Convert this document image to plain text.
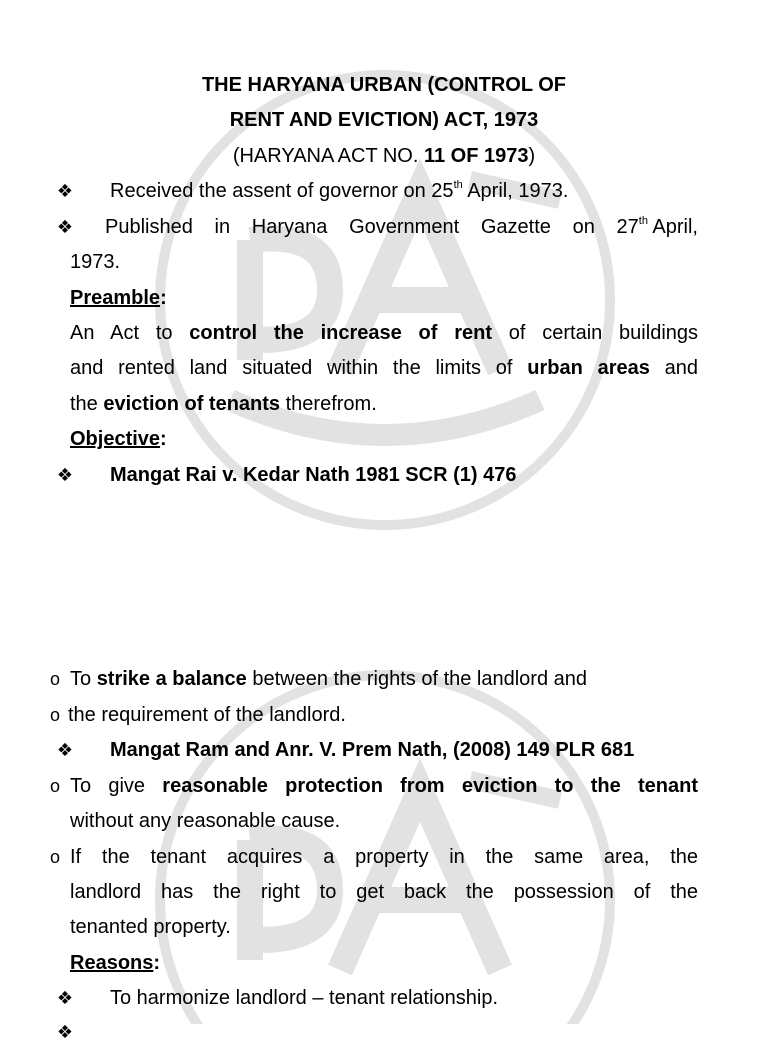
THE HARYANA URBAN (CONTROL OF
RENT AND EVICTION) ACT, 1973
(HARYANA ACT NO. 11 OF 1973)
❖ Received the assent of governor on 25th April, 1973.
❖ Published in Haryana Government Gazette on 27th April,
1973.
Preamble:
An Act to control the increase of rent of certain buildings
and rented land situated within the limits of urban areas and
the eviction of tenants therefrom.
Objective:
❖ Mangat Rai v. Kedar Nath 1981 SCR (1) 476
o To strike a balance between the rights of the landlord and
o the requirement of the landlord.
❖ Mangat Ram and Anr. V. Prem Nath, (2008) 149 PLR 681
o To give reasonable protection from eviction to the tenant
without any reasonable cause.
o If the tenant acquires a property in the same area, the
landlord has the right to get back the possession of the
tenanted property.
Reasons:
❖ To harmonize landlord – tenant relationship.
❖
